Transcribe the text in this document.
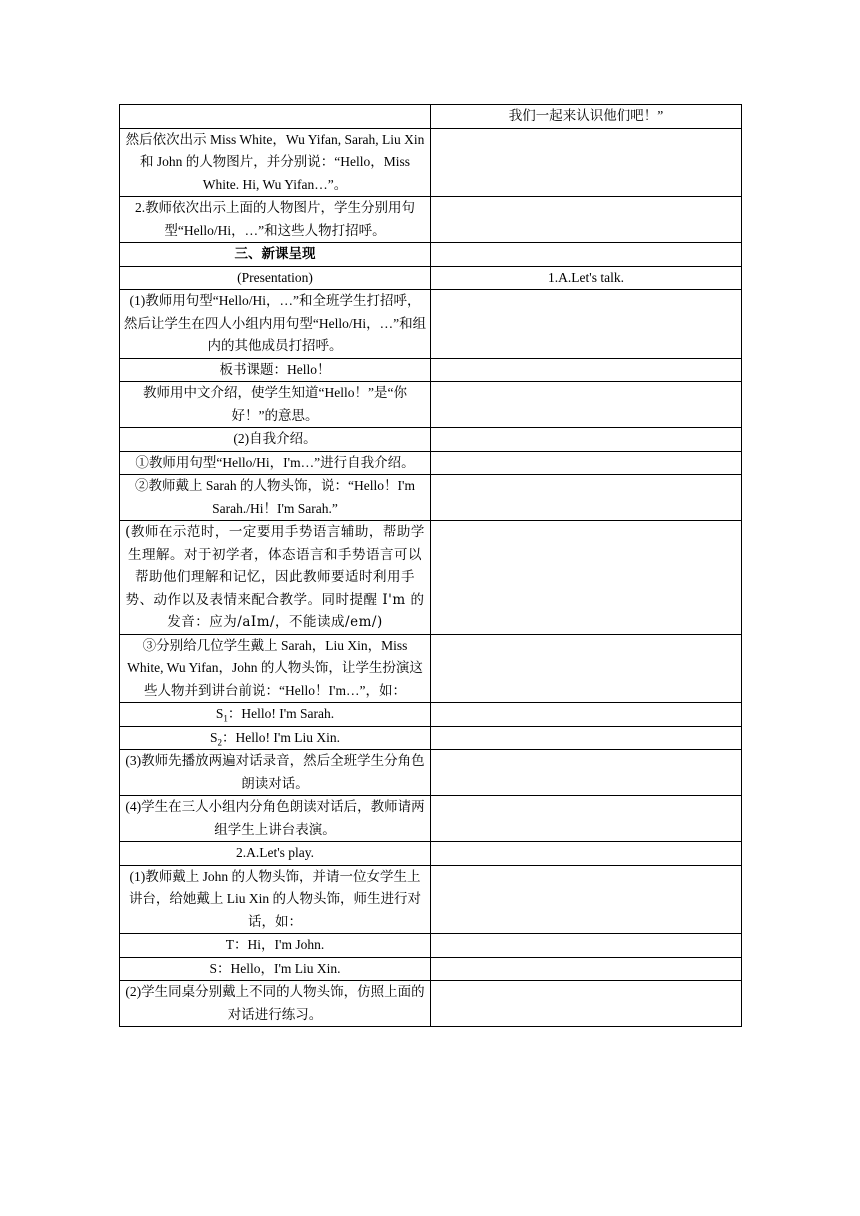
	我们一起来认识他们吧！”
然后依次出示 Miss White，Wu Yifan, Sarah, Liu Xin 和 John 的人物图片，并分别说：“Hello，Miss White. Hi, Wu Yifan…”。	
2.教师依次出示上面的人物图片，学生分别用句型“Hello/Hi，…”和这些人物打招呼。	
三、新课呈现	
(Presentation)	1.A.Let's talk.
(1)教师用句型“Hello/Hi，…”和全班学生打招呼，然后让学生在四人小组内用句型“Hello/Hi，…”和组内的其他成员打招呼。	
板书课题：Hello！	
教师用中文介绍，使学生知道“Hello！”是“你好！”的意思。	
(2)自我介绍。	
①教师用句型“Hello/Hi，I'm…”进行自我介绍。	
②教师戴上 Sarah 的人物头饰，说：“Hello！I'm Sarah./Hi！I'm Sarah.”	
(教师在示范时，一定要用手势语言辅助，帮助学生理解。对于初学者，体态语言和手势语言可以帮助他们理解和记忆，因此教师要适时利用手势、动作以及表情来配合教学。同时提醒 I'm 的发音：应为/aIm/，不能读成/em/)	
③分别给几位学生戴上 Sarah，Liu Xin，Miss White, Wu Yifan，John 的人物头饰，让学生扮演这些人物并到讲台前说：“Hello！I'm…”，如：	
$S_1$：Hello! I'm Sarah.	
$S_2$：Hello! I'm Liu Xin.	
(3)教师先播放两遍对话录音，然后全班学生分角色朗读对话。	
(4)学生在三人小组内分角色朗读对话后，教师请两组学生上讲台表演。	
2.A.Let's play.	
(1)教师戴上 John 的人物头饰，并请一位女学生上讲台，给她戴上 Liu Xin 的人物头饰，师生进行对话，如：	
T：Hi，I'm John.	
S：Hello，I'm Liu Xin.	
(2)学生同桌分别戴上不同的人物头饰，仿照上面的对话进行练习。	
